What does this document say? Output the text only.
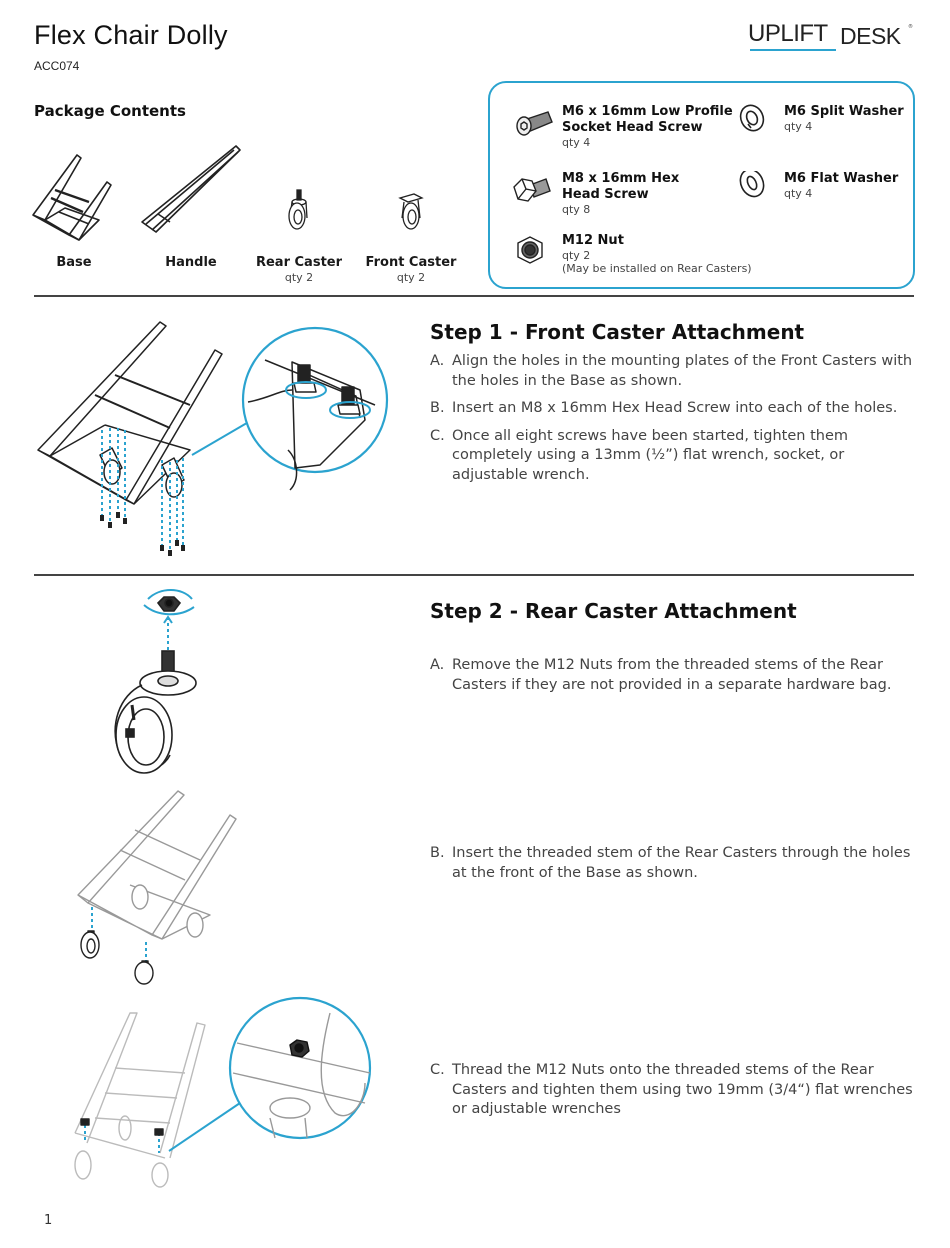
Flex Chair Dolly
ACC074
UPLIFT DESK ®
Package Contents
Base	Handle	Rear Caster
qty 2
Front Caster
qty 2
M6 x 16mm Low Profile
Socket Head Screw
qty 4
M8 x 16mm Hex
Head Screw
qty 8
M12 Nut
qty 2
(May be installed on Rear Casters)
M6 Split Washer
qty 4
M6 Flat Washer
qty 4
Step 1 - Front Caster Attachment
A. Align the holes in the mounting plates of the Front Casters with the holes in the Base as shown.
B. Insert an M8 x 16mm Hex Head Screw into each of the holes.
C. Once all eight screws have been started, tighten them completely using a 13mm (½”) flat wrench, socket, or adjustable wrench.
Step 2 - Rear Caster Attachment
A. Remove the M12 Nuts from the threaded stems of the Rear Casters if they are not provided in a separate hardware bag.
B. Insert the threaded stem of the Rear Casters through the holes at the front of the Base as shown.
C. Thread the M12 Nuts onto the threaded stems of the Rear Casters and tighten them using two 19mm (3/4“) flat wrenches or adjustable wrenches
1
